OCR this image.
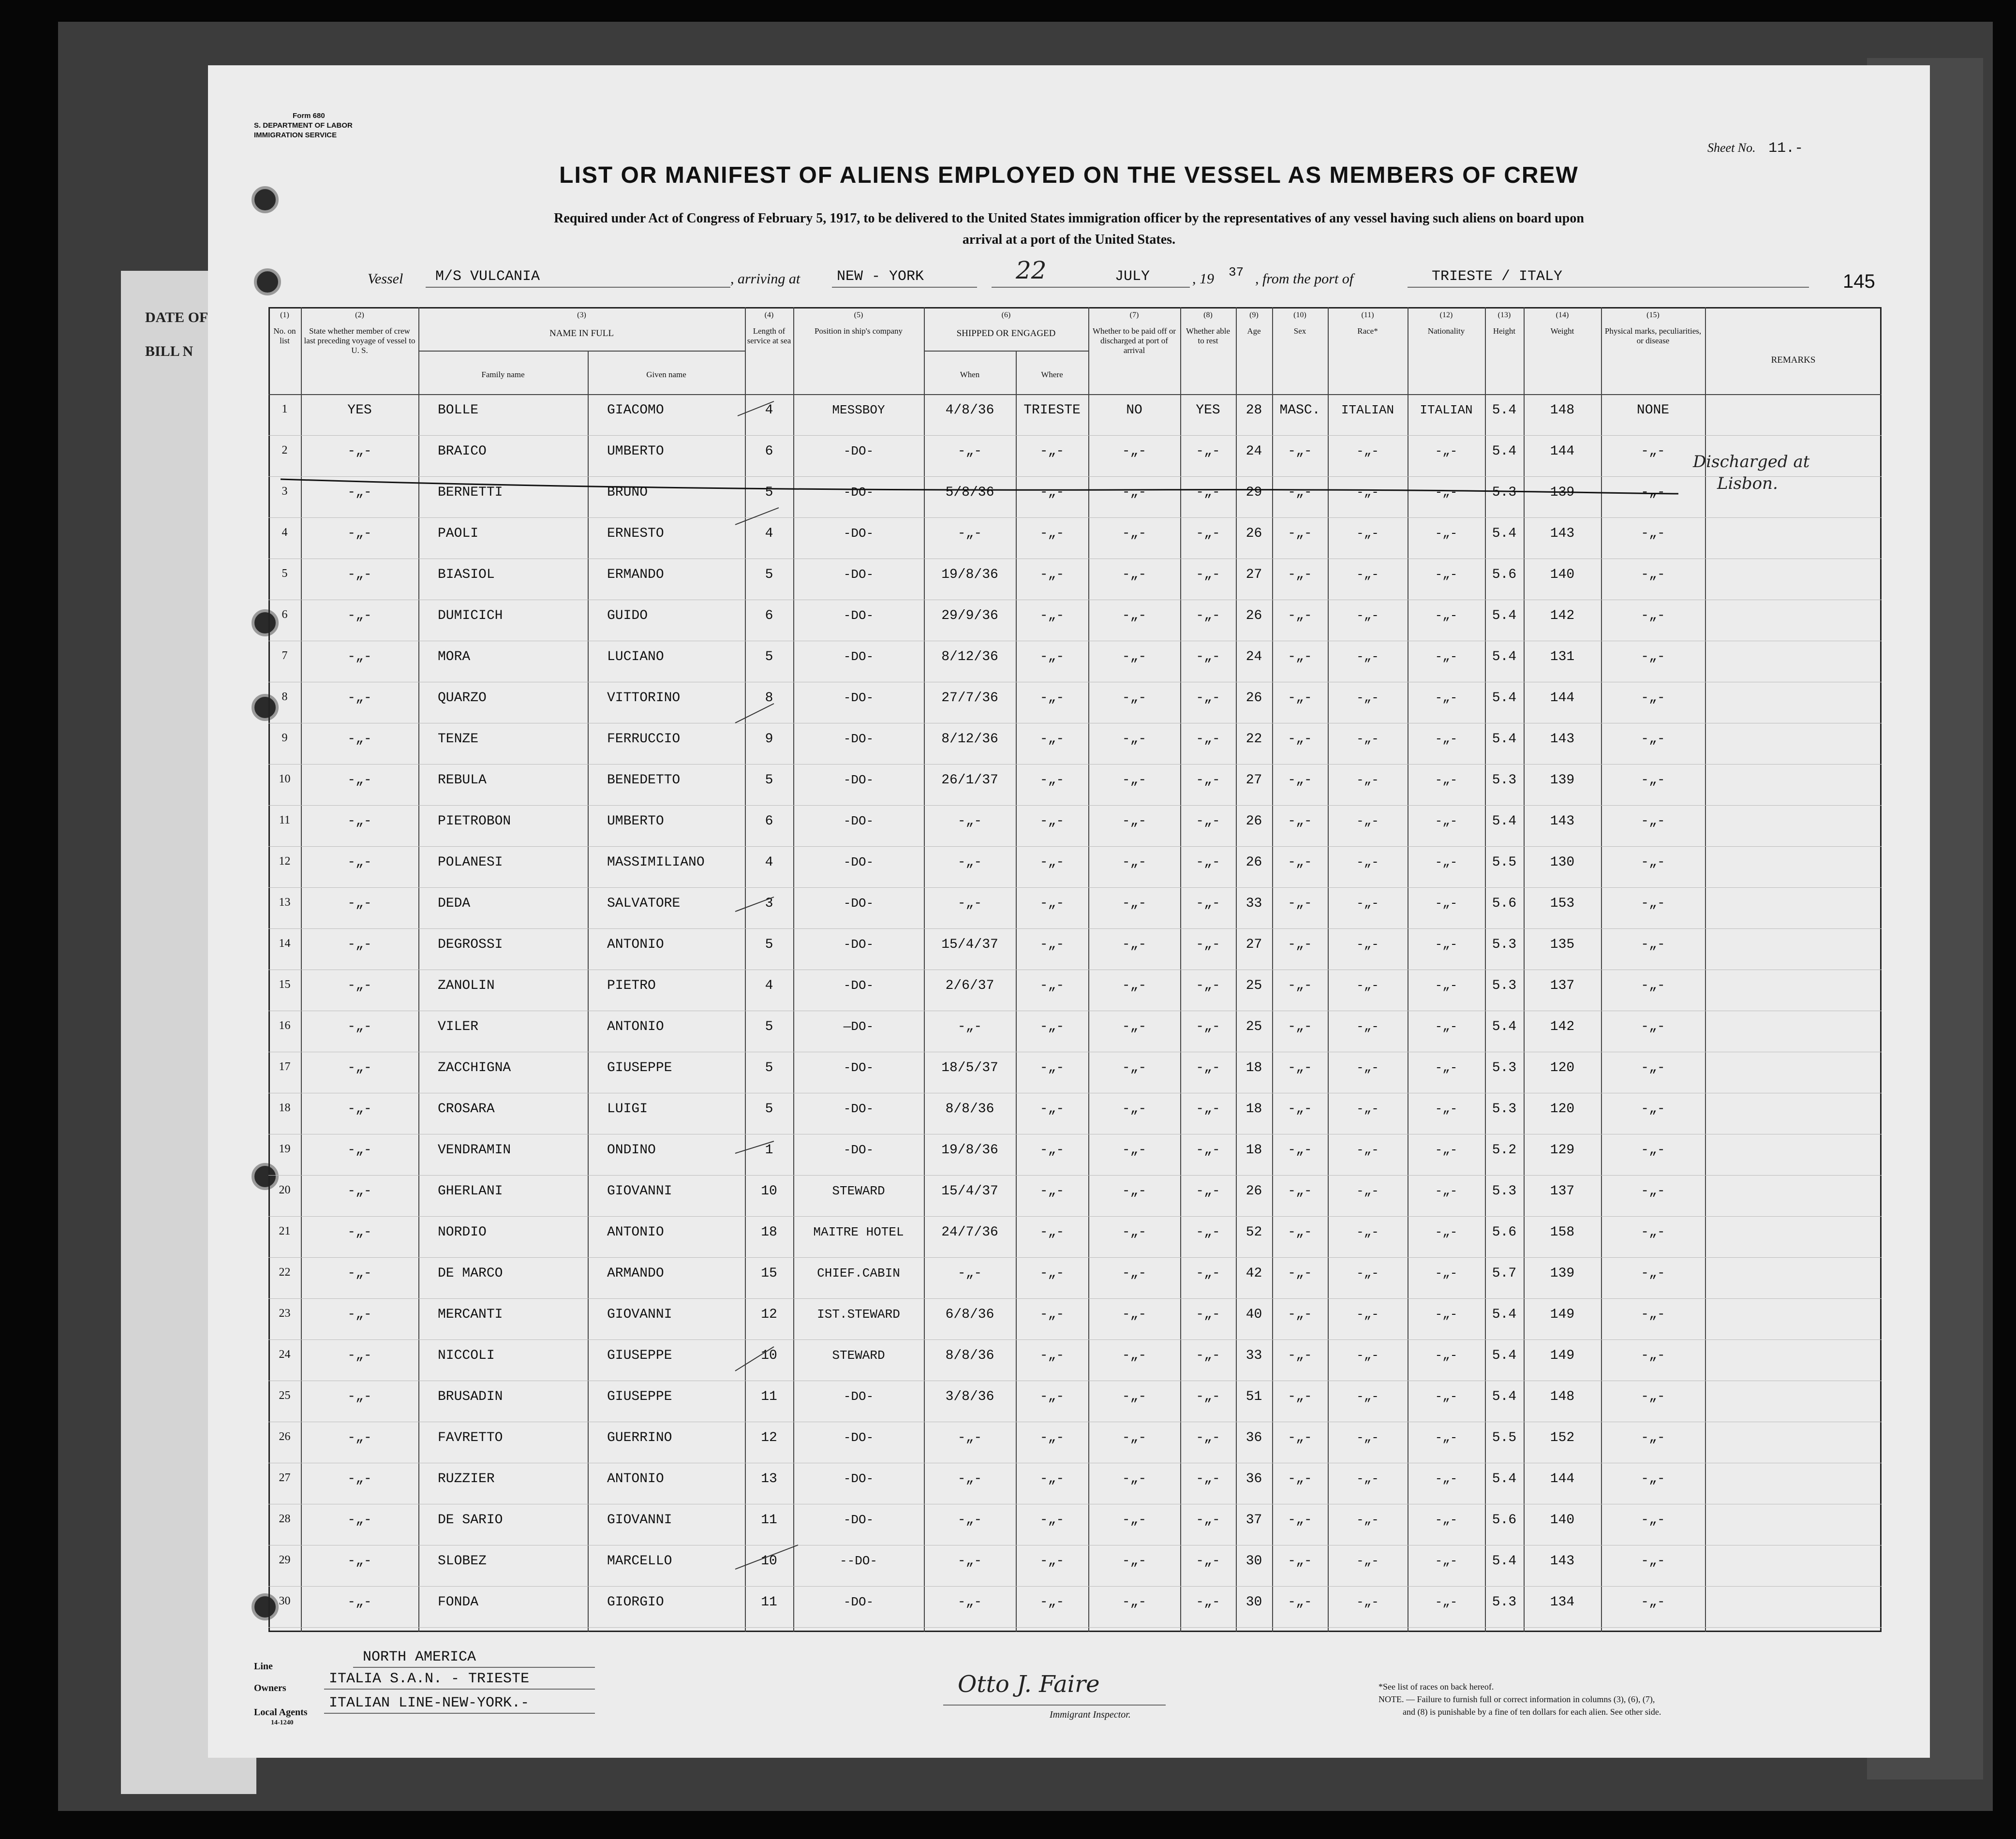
DATE OF
BILL N
Form 680
S. DEPARTMENT OF LABOR
IMMIGRATION SERVICE
Sheet No. 11.-
LIST OR MANIFEST OF ALIENS EMPLOYED ON THE VESSEL AS MEMBERS OF CREW
Required under Act of Congress of February 5, 1917, to be delivered to the United States immigration officer by the representatives of any vessel having such aliens on board upon
arrival at a port of the United States.
Vessel M/S VULCANIA	, arriving at	NEW - YORK	22	JULY	, 19 37 , from the port of	TRIESTE / ITALY	145
(1)
No. on list
(2)
State whether member of crew last preceding voyage of vessel to U. S.
(3)
NAME IN FULL
Family name	Given name
(4)
Length of service at sea
(5)
Position in ship's company
(6)
SHIPPED OR ENGAGED
When	Where
(7)
Whether to be paid off or discharged at port of arrival
(8)
Whether able to rest
(9)
Age
(10)
Sex
(11)
Race*
(12)
Nationality
(13)
Height
(14)
Weight
(15)
Physical marks, peculiarities, or disease
REMARKS
1	YES	BOLLE	GIACOMO	4	MESSBOY	4/8/36	TRIESTE	NO	YES	28	MASC.	ITALIAN	ITALIAN	5.4	148	NONE
2	-„-	BRAICO	UMBERTO	6	-DO-	-„-	-„-	-„-	-„-	24	-„-	-„-	-„-	5.4	144	-„-
3	-„-	BERNETTI	BRUNO	5	-DO-	5/8/36	-„-	-„-	-„-	29	-„-	-„-	-„-	5.3	139	-„-
4	-„-	PAOLI	ERNESTO	4	-DO-	-„-	-„-	-„-	-„-	26	-„-	-„-	-„-	5.4	143	-„-
5	-„-	BIASIOL	ERMANDO	5	-DO-	19/8/36	-„-	-„-	-„-	27	-„-	-„-	-„-	5.6	140	-„-
6	-„-	DUMICICH	GUIDO	6	-DO-	29/9/36	-„-	-„-	-„-	26	-„-	-„-	-„-	5.4	142	-„-
7	-„-	MORA	LUCIANO	5	-DO-	8/12/36	-„-	-„-	-„-	24	-„-	-„-	-„-	5.4	131	-„-
8	-„-	QUARZO	VITTORINO	8	-DO-	27/7/36	-„-	-„-	-„-	26	-„-	-„-	-„-	5.4	144	-„-
9	-„-	TENZE	FERRUCCIO	9	-DO-	8/12/36	-„-	-„-	-„-	22	-„-	-„-	-„-	5.4	143	-„-
10	-„-	REBULA	BENEDETTO	5	-DO-	26/1/37	-„-	-„-	-„-	27	-„-	-„-	-„-	5.3	139	-„-
11	-„-	PIETROBON	UMBERTO	6	-DO-	-„-	-„-	-„-	-„-	26	-„-	-„-	-„-	5.4	143	-„-
12	-„-	POLANESI	MASSIMILIANO	4	-DO-	-„-	-„-	-„-	-„-	26	-„-	-„-	-„-	5.5	130	-„-
13	-„-	DEDA	SALVATORE	3	-DO-	-„-	-„-	-„-	-„-	33	-„-	-„-	-„-	5.6	153	-„-
14	-„-	DEGROSSI	ANTONIO	5	-DO-	15/4/37	-„-	-„-	-„-	27	-„-	-„-	-„-	5.3	135	-„-
15	-„-	ZANOLIN	PIETRO	4	-DO-	2/6/37	-„-	-„-	-„-	25	-„-	-„-	-„-	5.3	137	-„-
16	-„-	VILER	ANTONIO	5	—DO-	-„-	-„-	-„-	-„-	25	-„-	-„-	-„-	5.4	142	-„-
17	-„-	ZACCHIGNA	GIUSEPPE	5	-DO-	18/5/37	-„-	-„-	-„-	18	-„-	-„-	-„-	5.3	120	-„-
18	-„-	CROSARA	LUIGI	5	-DO-	8/8/36	-„-	-„-	-„-	18	-„-	-„-	-„-	5.3	120	-„-
19	-„-	VENDRAMIN	ONDINO	1	-DO-	19/8/36	-„-	-„-	-„-	18	-„-	-„-	-„-	5.2	129	-„-
20	-„-	GHERLANI	GIOVANNI	10	STEWARD	15/4/37	-„-	-„-	-„-	26	-„-	-„-	-„-	5.3	137	-„-
21	-„-	NORDIO	ANTONIO	18	MAITRE HOTEL	24/7/36	-„-	-„-	-„-	52	-„-	-„-	-„-	5.6	158	-„-
22	-„-	DE MARCO	ARMANDO	15	CHIEF.CABIN	-„-	-„-	-„-	-„-	42	-„-	-„-	-„-	5.7	139	-„-
23	-„-	MERCANTI	GIOVANNI	12	IST.STEWARD	6/8/36	-„-	-„-	-„-	40	-„-	-„-	-„-	5.4	149	-„-
24	-„-	NICCOLI	GIUSEPPE	10	STEWARD	8/8/36	-„-	-„-	-„-	33	-„-	-„-	-„-	5.4	149	-„-
25	-„-	BRUSADIN	GIUSEPPE	11	-DO-	3/8/36	-„-	-„-	-„-	51	-„-	-„-	-„-	5.4	148	-„-
26	-„-	FAVRETTO	GUERRINO	12	-DO-	-„-	-„-	-„-	-„-	36	-„-	-„-	-„-	5.5	152	-„-
27	-„-	RUZZIER	ANTONIO	13	-DO-	-„-	-„-	-„-	-„-	36	-„-	-„-	-„-	5.4	144	-„-
28	-„-	DE SARIO	GIOVANNI	11	-DO-	-„-	-„-	-„-	-„-	37	-„-	-„-	-„-	5.6	140	-„-
29	-„-	SLOBEZ	MARCELLO	10	--DO-	-„-	-„-	-„-	-„-	30	-„-	-„-	-„-	5.4	143	-„-
30	-„-	FONDA	GIORGIO	11	-DO-	-„-	-„-	-„-	-„-	30	-„-	-„-	-„-	5.3	134	-„-
Discharged at
Lisbon.
Line
NORTH AMERICA
Owners
ITALIA S.A.N. - TRIESTE
Local Agents
ITALIAN LINE-NEW-YORK.-
14-1240
Otto J. Faire
Immigrant Inspector.
*See list of races on back hereof.
NOTE. — Failure to furnish full or correct information in columns (3), (6), (7),
and (8) is punishable by a fine of ten dollars for each alien. See other side.
